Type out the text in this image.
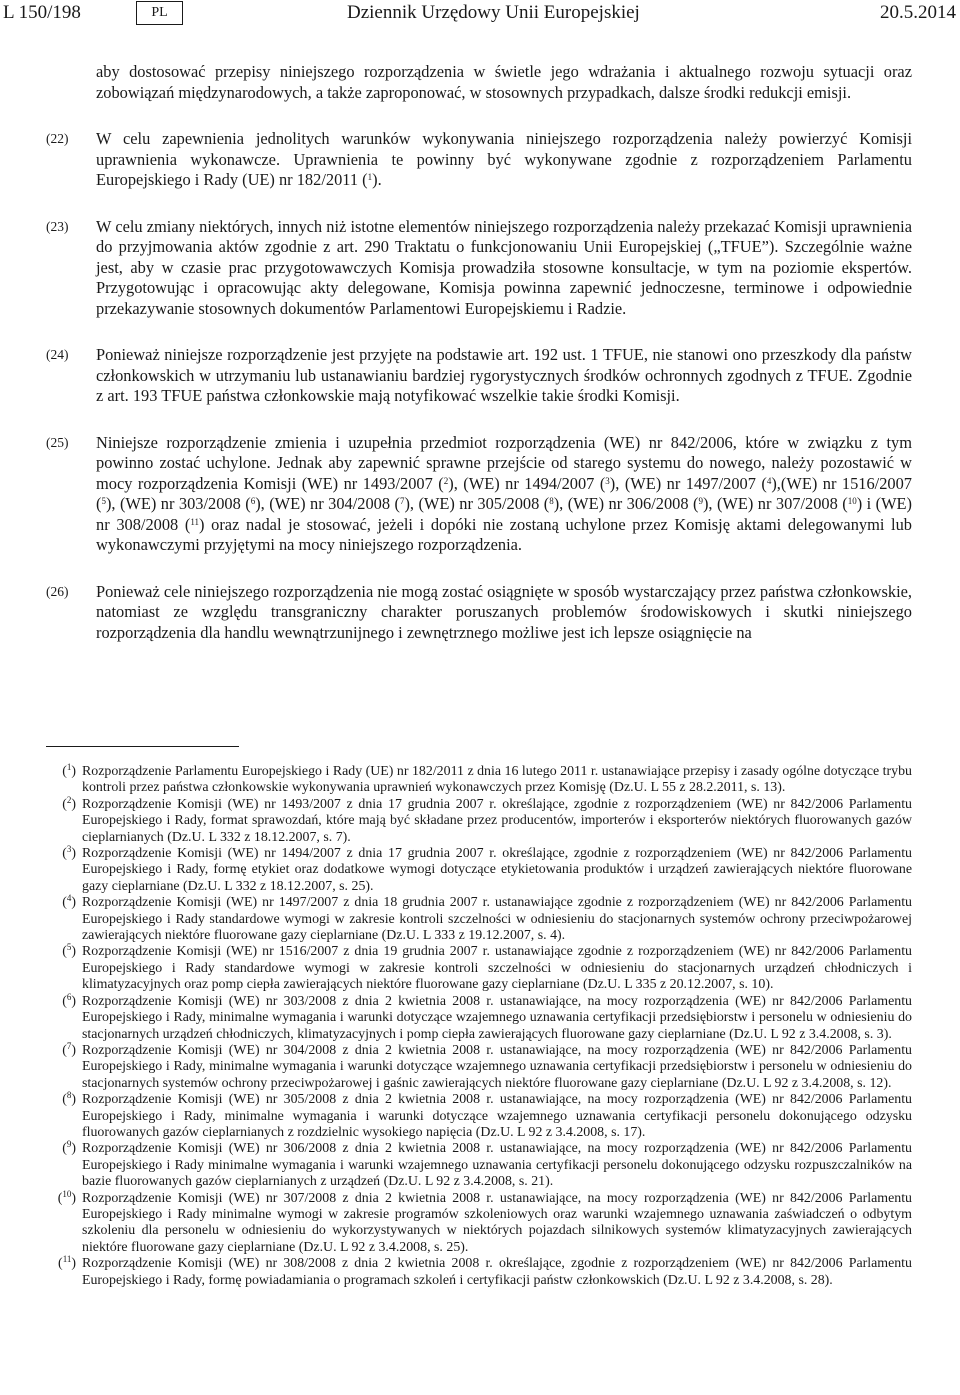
L 150/198	PL	Dziennik Urzędowy Unii Europejskiej	20.5.2014
aby dostosować przepisy niniejszego rozporządzenia w świetle jego wdrażania i aktualnego rozwoju sytuacji oraz zobowiązań międzynarodowych, a także zaproponować, w stosownych przypadkach, dalsze środki redukcji emisji.
(22)	W celu zapewnienia jednolitych warunków wykonywania niniejszego rozporządzenia należy powierzyć Komisji uprawnienia wykonawcze. Uprawnienia te powinny być wykonywane zgodnie z rozporządzeniem Parlamentu Europejskiego i Rady (UE) nr 182/2011 ($^1$).
(23)	W celu zmiany niektórych, innych niż istotne elementów niniejszego rozporządzenia należy przekazać Komisji uprawnienia do przyjmowania aktów zgodnie z art. 290 Traktatu o funkcjonowaniu Unii Europejskiej („TFUE”). Szczególnie ważne jest, aby w czasie prac przygotowawczych Komisja prowadziła stosowne konsultacje, w tym na poziomie ekspertów. Przygotowując i opracowując akty delegowane, Komisja powinna zapewnić jednoczesne, terminowe i odpowiednie przekazywanie stosownych dokumentów Parlamentowi Europejskiemu i Radzie.
(24)	Ponieważ niniejsze rozporządzenie jest przyjęte na podstawie art. 192 ust. 1 TFUE, nie stanowi ono przeszkody dla państw członkowskich w utrzymaniu lub ustanawianiu bardziej rygorystycznych środków ochronnych zgodnych z TFUE. Zgodnie z art. 193 TFUE państwa członkowskie mają notyfikować wszelkie takie środki Komisji.
(25)	Niniejsze rozporządzenie zmienia i uzupełnia przedmiot rozporządzenia (WE) nr 842/2006, które w związku z tym powinno zostać uchylone. Jednak aby zapewnić sprawne przejście od starego systemu do nowego, należy pozostawić w mocy rozporządzenia Komisji (WE) nr 1493/2007 ($^2$), (WE) nr 1494/2007 ($^3$), (WE) nr 1497/2007 ($^4$),(WE) nr 1516/2007 ($^5$), (WE) nr 303/2008 ($^6$), (WE) nr 304/2008 ($^7$), (WE) nr 305/2008 ($^8$), (WE) nr 306/2008 ($^9$), (WE) nr 307/2008 ($^{10}$) i (WE) nr 308/2008 ($^{11}$) oraz nadal je stosować, jeżeli i dopóki nie zostaną uchylone przez Komisję aktami delegowanymi lub wykonawczymi przyjętymi na mocy niniejszego rozporządzenia.
(26)	Ponieważ cele niniejszego rozporządzenia nie mogą zostać osiągnięte w sposób wystarczający przez państwa członkowskie, natomiast ze względu transgraniczny charakter poruszanych problemów środowiskowych i skutki niniejszego rozporządzenia dla handlu wewnątrzunijnego i zewnętrznego możliwe jest ich lepsze osiągnięcie na
($^1$) Rozporządzenie Parlamentu Europejskiego i Rady (UE) nr 182/2011 z dnia 16 lutego 2011 r. ustanawiające przepisy i zasady ogólne dotyczące trybu kontroli przez państwa członkowskie wykonywania uprawnień wykonawczych przez Komisję (Dz.U. L 55 z 28.2.2011, s. 13).
($^2$) Rozporządzenie Komisji (WE) nr 1493/2007 z dnia 17 grudnia 2007 r. określające, zgodnie z rozporządzeniem (WE) nr 842/2006 Parlamentu Europejskiego i Rady, format sprawozdań, które mają być składane przez producentów, importerów i eksporterów niektórych fluorowanych gazów cieplarnianych (Dz.U. L 332 z 18.12.2007, s. 7).
($^3$) Rozporządzenie Komisji (WE) nr 1494/2007 z dnia 17 grudnia 2007 r. określające, zgodnie z rozporządzeniem (WE) nr 842/2006 Parlamentu Europejskiego i Rady, formę etykiet oraz dodatkowe wymogi dotyczące etykietowania produktów i urządzeń zawierających niektóre fluorowane gazy cieplarniane (Dz.U. L 332 z 18.12.2007, s. 25).
($^4$) Rozporządzenie Komisji (WE) nr 1497/2007 z dnia 18 grudnia 2007 r. ustanawiające zgodnie z rozporządzeniem (WE) nr 842/2006 Parlamentu Europejskiego i Rady standardowe wymogi w zakresie kontroli szczelności w odniesieniu do stacjonarnych systemów ochrony przeciwpożarowej zawierających niektóre fluorowane gazy cieplarniane (Dz.U. L 333 z 19.12.2007, s. 4).
($^5$) Rozporządzenie Komisji (WE) nr 1516/2007 z dnia 19 grudnia 2007 r. ustanawiające zgodnie z rozporządzeniem (WE) nr 842/2006 Parlamentu Europejskiego i Rady standardowe wymogi w zakresie kontroli szczelności w odniesieniu do stacjonarnych urządzeń chłodniczych i klimatyzacyjnych oraz pomp ciepła zawierających niektóre fluorowane gazy cieplarniane (Dz.U. L 335 z 20.12.2007, s. 10).
($^6$) Rozporządzenie Komisji (WE) nr 303/2008 z dnia 2 kwietnia 2008 r. ustanawiające, na mocy rozporządzenia (WE) nr 842/2006 Parlamentu Europejskiego i Rady, minimalne wymagania i warunki dotyczące wzajemnego uznawania certyfikacji przedsiębiorstw i personelu w odniesieniu do stacjonarnych urządzeń chłodniczych, klimatyzacyjnych i pomp ciepła zawierających fluorowane gazy cieplarniane (Dz.U. L 92 z 3.4.2008, s. 3).
($^7$) Rozporządzenie Komisji (WE) nr 304/2008 z dnia 2 kwietnia 2008 r. ustanawiające, na mocy rozporządzenia (WE) nr 842/2006 Parlamentu Europejskiego i Rady, minimalne wymagania i warunki dotyczące wzajemnego uznawania certyfikacji przedsiębiorstw i personelu w odniesieniu do stacjonarnych systemów ochrony przeciwpożarowej i gaśnic zawierających niektóre fluorowane gazy cieplarniane (Dz.U. L 92 z 3.4.2008, s. 12).
($^8$) Rozporządzenie Komisji (WE) nr 305/2008 z dnia 2 kwietnia 2008 r. ustanawiające, na mocy rozporządzenia (WE) nr 842/2006 Parlamentu Europejskiego i Rady, minimalne wymagania i warunki dotyczące wzajemnego uznawania certyfikacji personelu dokonującego odzysku fluorowanych gazów cieplarnianych z rozdzielnic wysokiego napięcia (Dz.U. L 92 z 3.4.2008, s. 17).
($^9$) Rozporządzenie Komisji (WE) nr 306/2008 z dnia 2 kwietnia 2008 r. ustanawiające, na mocy rozporządzenia (WE) nr 842/2006 Parlamentu Europejskiego i Rady minimalne wymagania i warunki wzajemnego uznawania certyfikacji personelu dokonującego odzysku rozpuszczalników na bazie fluorowanych gazów cieplarnianych z urządzeń (Dz.U. L 92 z 3.4.2008, s. 21).
($^{10}$) Rozporządzenie Komisji (WE) nr 307/2008 z dnia 2 kwietnia 2008 r. ustanawiające, na mocy rozporządzenia (WE) nr 842/2006 Parlamentu Europejskiego i Rady minimalne wymogi w zakresie programów szkoleniowych oraz warunki wzajemnego uznawania zaświadczeń o odbytym szkoleniu dla personelu w odniesieniu do wykorzystywanych w niektórych pojazdach silnikowych systemów klimatyzacyjnych zawierających niektóre fluorowane gazy cieplarniane (Dz.U. L 92 z 3.4.2008, s. 25).
($^{11}$) Rozporządzenie Komisji (WE) nr 308/2008 z dnia 2 kwietnia 2008 r. określające, zgodnie z rozporządzeniem (WE) nr 842/2006 Parlamentu Europejskiego i Rady, formę powiadamiania o programach szkoleń i certyfikacji państw członkowskich (Dz.U. L 92 z 3.4.2008, s. 28).
